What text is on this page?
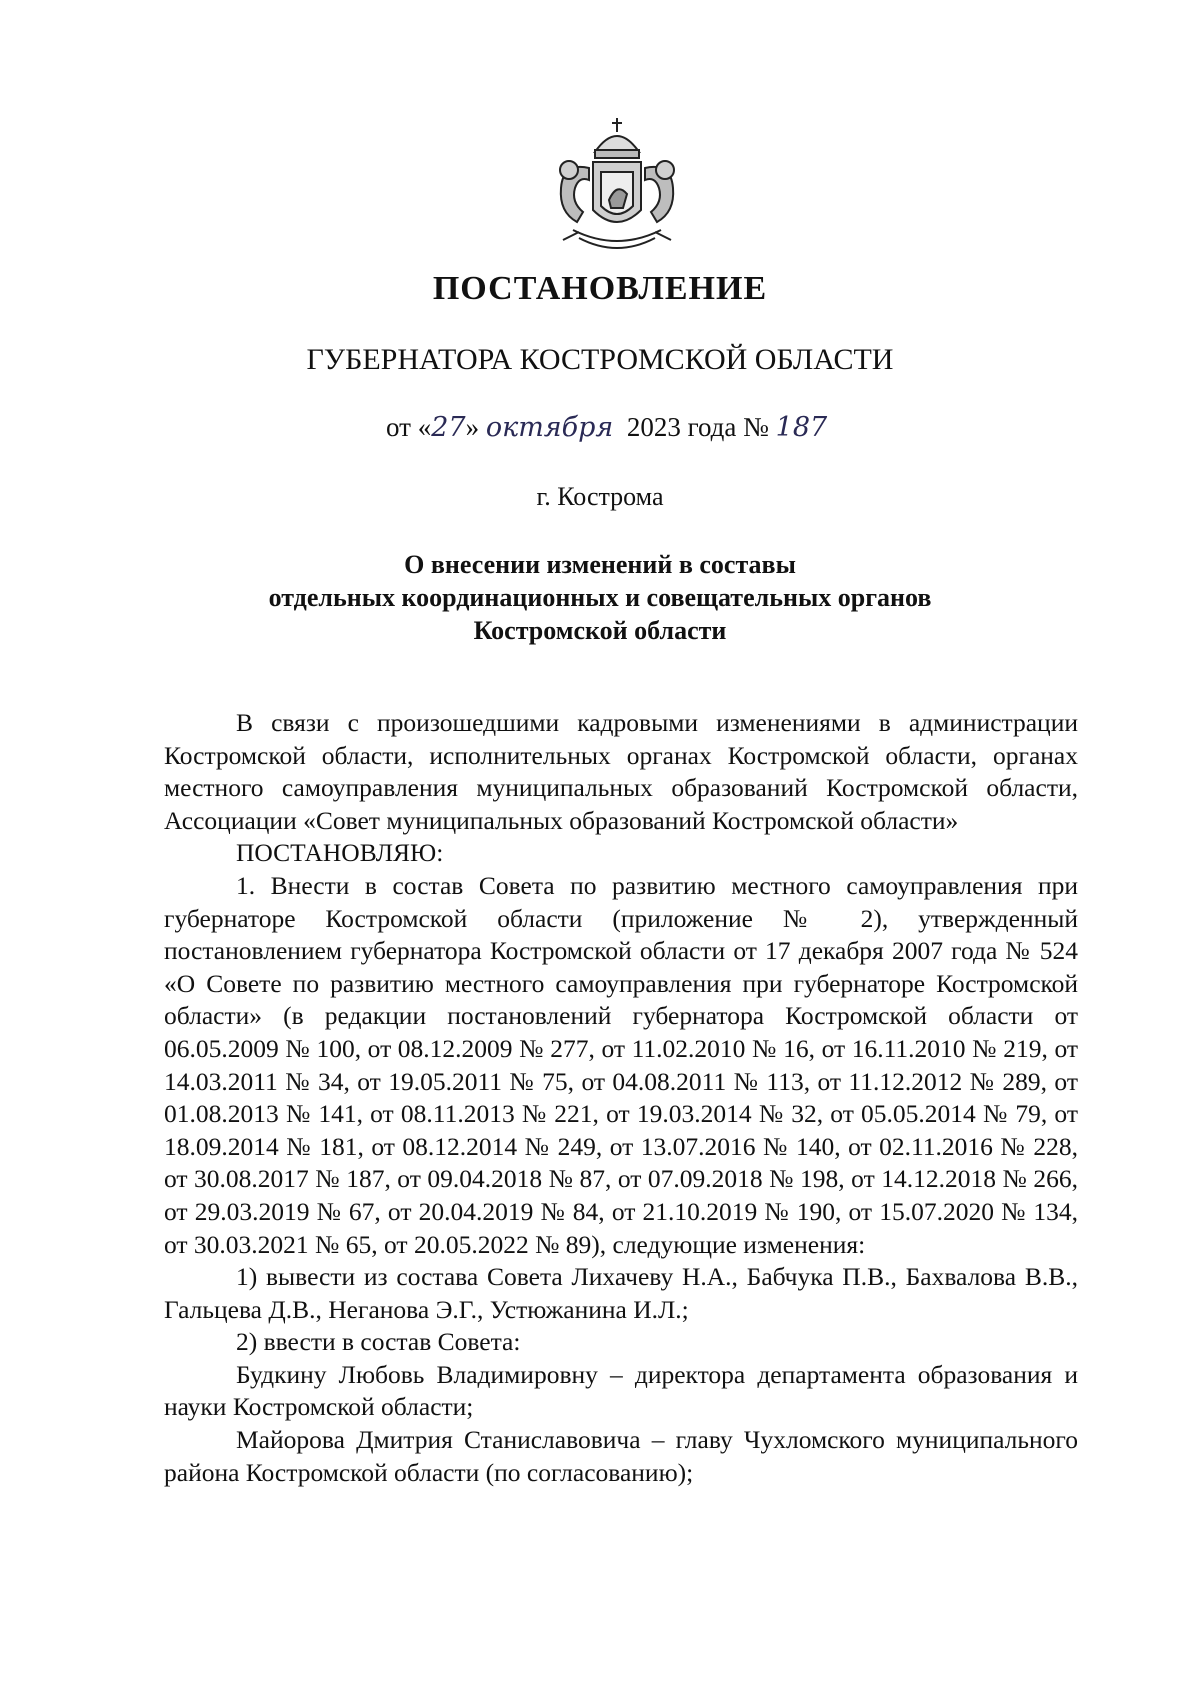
ПОСТАНОВЛЕНИЕ
ГУБЕРНАТОРА КОСТРОМСКОЙ ОБЛАСТИ
от «27» октября 2023 года № 187
г. Кострома
О внесении изменений в составы
отдельных координационных и совещательных органов
Костромской области

В связи с произошедшими кадровыми изменениями в администрации Костромской области, исполнительных органах Костромской области, органах местного самоуправления муниципальных образований Костромской области, Ассоциации «Совет муниципальных образований Костромской области»

ПОСТАНОВЛЯЮ:

1. Внести в состав Совета по развитию местного самоуправления при губернаторе Костромской области (приложение № 2), утвержденный постановлением губернатора Костромской области от 17 декабря 2007 года № 524 «О Совете по развитию местного самоуправления при губернаторе Костромской области» (в редакции постановлений губернатора Костромской области от 06.05.2009 № 100, от 08.12.2009 № 277, от 11.02.2010 № 16, от 16.11.2010 № 219, от 14.03.2011 № 34, от 19.05.2011 № 75, от 04.08.2011 № 113, от 11.12.2012 № 289, от 01.08.2013 № 141, от 08.11.2013 № 221, от 19.03.2014 № 32, от 05.05.2014 № 79, от 18.09.2014 № 181, от 08.12.2014 № 249, от 13.07.2016 № 140, от 02.11.2016 № 228, от 30.08.2017 № 187, от 09.04.2018 № 87, от 07.09.2018 № 198, от 14.12.2018 № 266, от 29.03.2019 № 67, от 20.04.2019 № 84, от 21.10.2019 № 190, от 15.07.2020 № 134, от 30.03.2021 № 65, от 20.05.2022 № 89), следующие изменения:

1) вывести из состава Совета Лихачеву Н.А., Бабчука П.В., Бахвалова В.В., Гальцева Д.В., Неганова Э.Г., Устюжанина И.Л.;

2) ввести в состав Совета:

Будкину Любовь Владимировну – директора департамента образования и науки Костромской области;

Майорова Дмитрия Станиславовича – главу Чухломского муниципального района Костромской области (по согласованию);
